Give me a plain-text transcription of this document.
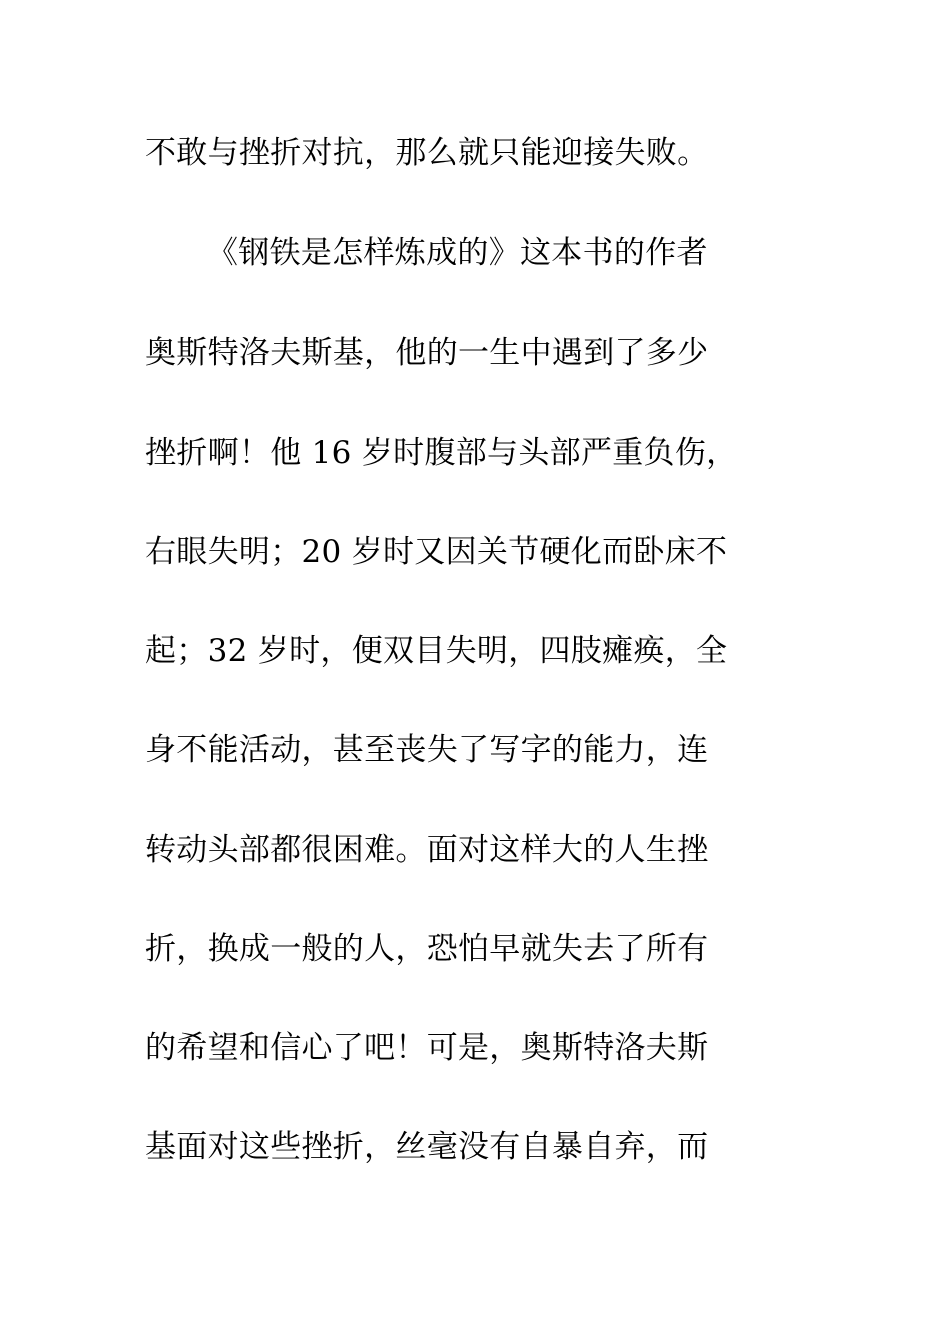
不敢与挫折对抗，那么就只能迎接失败。
《钢铁是怎样炼成的》这本书的作者
奥斯特洛夫斯基，他的一生中遇到了多少
挫折啊！他 16 岁时腹部与头部严重负伤，
右眼失明；20 岁时又因关节硬化而卧床不
起；32 岁时，便双目失明，四肢瘫痪，全
身不能活动，甚至丧失了写字的能力，连
转动头部都很困难。面对这样大的人生挫
折，换成一般的人，恐怕早就失去了所有
的希望和信心了吧！可是，奥斯特洛夫斯
基面对这些挫折，丝毫没有自暴自弃，而
